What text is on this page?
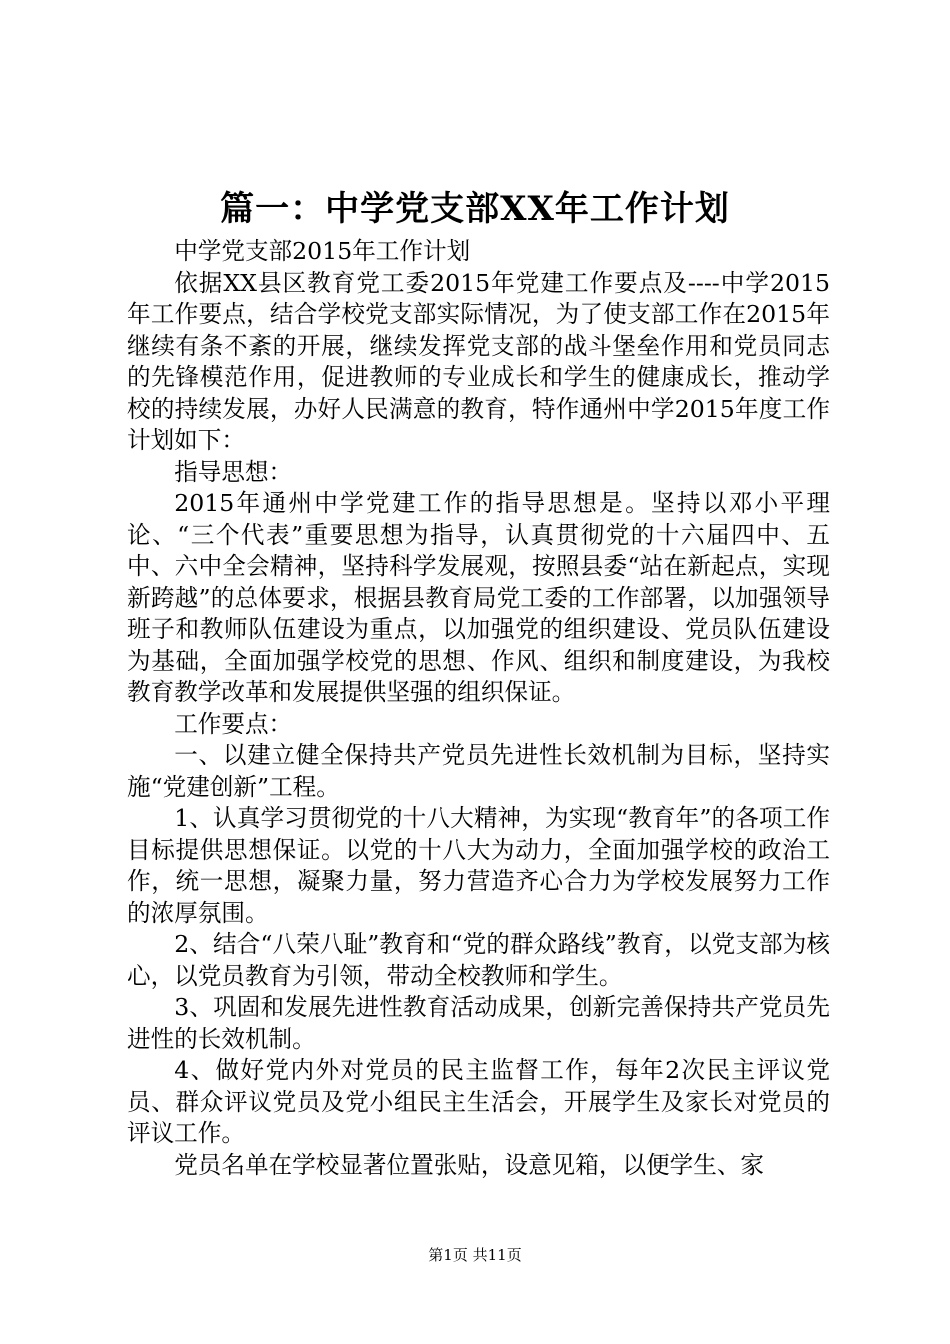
篇一：中学党支部XX年工作计划

中学党支部2015年工作计划

依据XX县区教育党工委2015年党建工作要点及----中学2015年工作要点，结合学校党支部实际情况，为了使支部工作在2015年继续有条不紊的开展，继续发挥党支部的战斗堡垒作用和党员同志的先锋模范作用，促进教师的专业成长和学生的健康成长，推动学校的持续发展，办好人民满意的教育，特作通州中学2015年度工作计划如下：

指导思想：

2015年通州中学党建工作的指导思想是。坚持以邓小平理论、“三个代表”重要思想为指导，认真贯彻党的十六届四中、五中、六中全会精神，坚持科学发展观，按照县委“站在新起点，实现新跨越”的总体要求，根据县教育局党工委的工作部署，以加强领导班子和教师队伍建设为重点，以加强党的组织建设、党员队伍建设为基础，全面加强学校党的思想、作风、组织和制度建设，为我校教育教学改革和发展提供坚强的组织保证。

工作要点：

一、以建立健全保持共产党员先进性长效机制为目标，坚持实施“党建创新”工程。

1、认真学习贯彻党的十八大精神，为实现“教育年”的各项工作目标提供思想保证。以党的十八大为动力，全面加强学校的政治工作，统一思想，凝聚力量，努力营造齐心合力为学校发展努力工作的浓厚氛围。

2、结合“八荣八耻”教育和“党的群众路线”教育，以党支部为核心，以党员教育为引领，带动全校教师和学生。

3、巩固和发展先进性教育活动成果，创新完善保持共产党员先进性的长效机制。

4、做好党内外对党员的民主监督工作，每年2次民主评议党员、群众评议党员及党小组民主生活会，开展学生及家长对党员的评议工作。

党员名单在学校显著位置张贴，设意见箱，以便学生、家

第1页 共11页
